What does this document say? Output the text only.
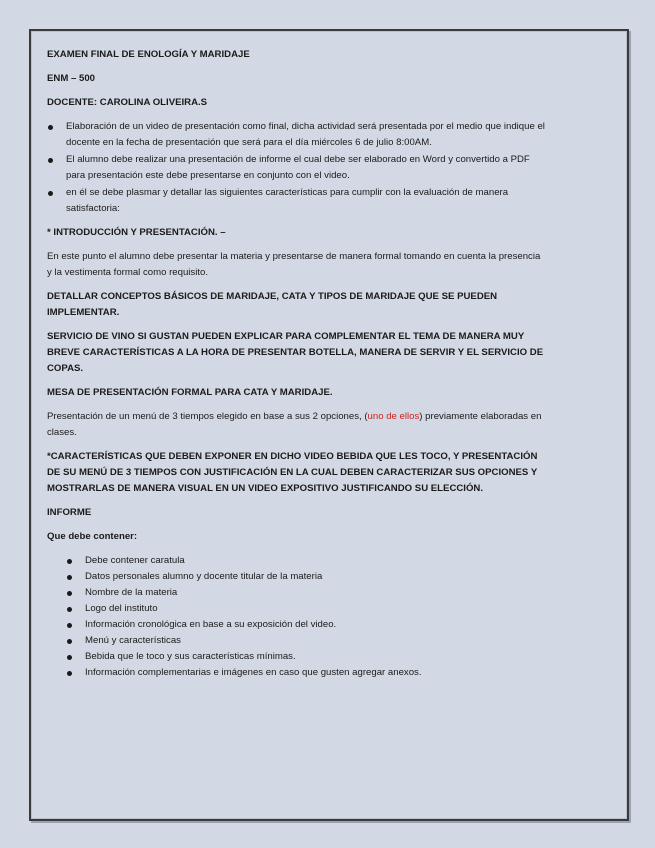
EXAMEN FINAL DE ENOLOGÍA Y MARIDAJE

ENM – 500

DOCENTE: CAROLINA OLIVEIRA.S

Elaboración de un video de presentación como final, dicha actividad será presentada por el medio que indique el docente en la fecha de presentación que será para el día miércoles 6 de julio 8:00AM.
El alumno debe realizar una presentación de informe el cual debe ser elaborado en Word y convertido a PDF para presentación este debe presentarse en conjunto con el video.
en él se debe plasmar y detallar las siguientes características para cumplir con la evaluación de manera satisfactoria:

* INTRODUCCIÓN Y PRESENTACIÓN. –

En este punto el alumno debe presentar la materia y presentarse de manera formal tomando en cuenta la presencia y la vestimenta formal como requisito.

DETALLAR CONCEPTOS BÁSICOS DE MARIDAJE, CATA Y TIPOS DE MARIDAJE QUE SE PUEDEN IMPLEMENTAR.

SERVICIO DE VINO SI GUSTAN PUEDEN EXPLICAR PARA COMPLEMENTAR EL TEMA DE MANERA MUY BREVE CARACTERÍSTICAS A LA HORA DE PRESENTAR BOTELLA, MANERA DE SERVIR Y EL SERVICIO DE COPAS.

MESA DE PRESENTACIÓN FORMAL PARA CATA Y MARIDAJE.

Presentación de un menú de 3 tiempos elegido en base a sus 2 opciones, (uno de ellos) previamente elaboradas en clases.

*CARACTERÍSTICAS QUE DEBEN EXPONER EN DICHO VIDEO BEBIDA QUE LES TOCO, Y PRESENTACIÓN DE SU MENÚ DE 3 TIEMPOS CON JUSTIFICACIÓN EN LA CUAL DEBEN CARACTERIZAR SUS OPCIONES Y MOSTRARLAS DE MANERA VISUAL EN UN VIDEO EXPOSITIVO JUSTIFICANDO SU ELECCIÓN.

INFORME

Que debe contener:

Debe contener caratula
Datos personales alumno y docente titular de la materia
Nombre de la materia
Logo del instituto
Información cronológica en base a su exposición del video.
Menú y características
Bebida que le toco y sus características mínimas.
Información complementarias e imágenes en caso que gusten agregar anexos.
